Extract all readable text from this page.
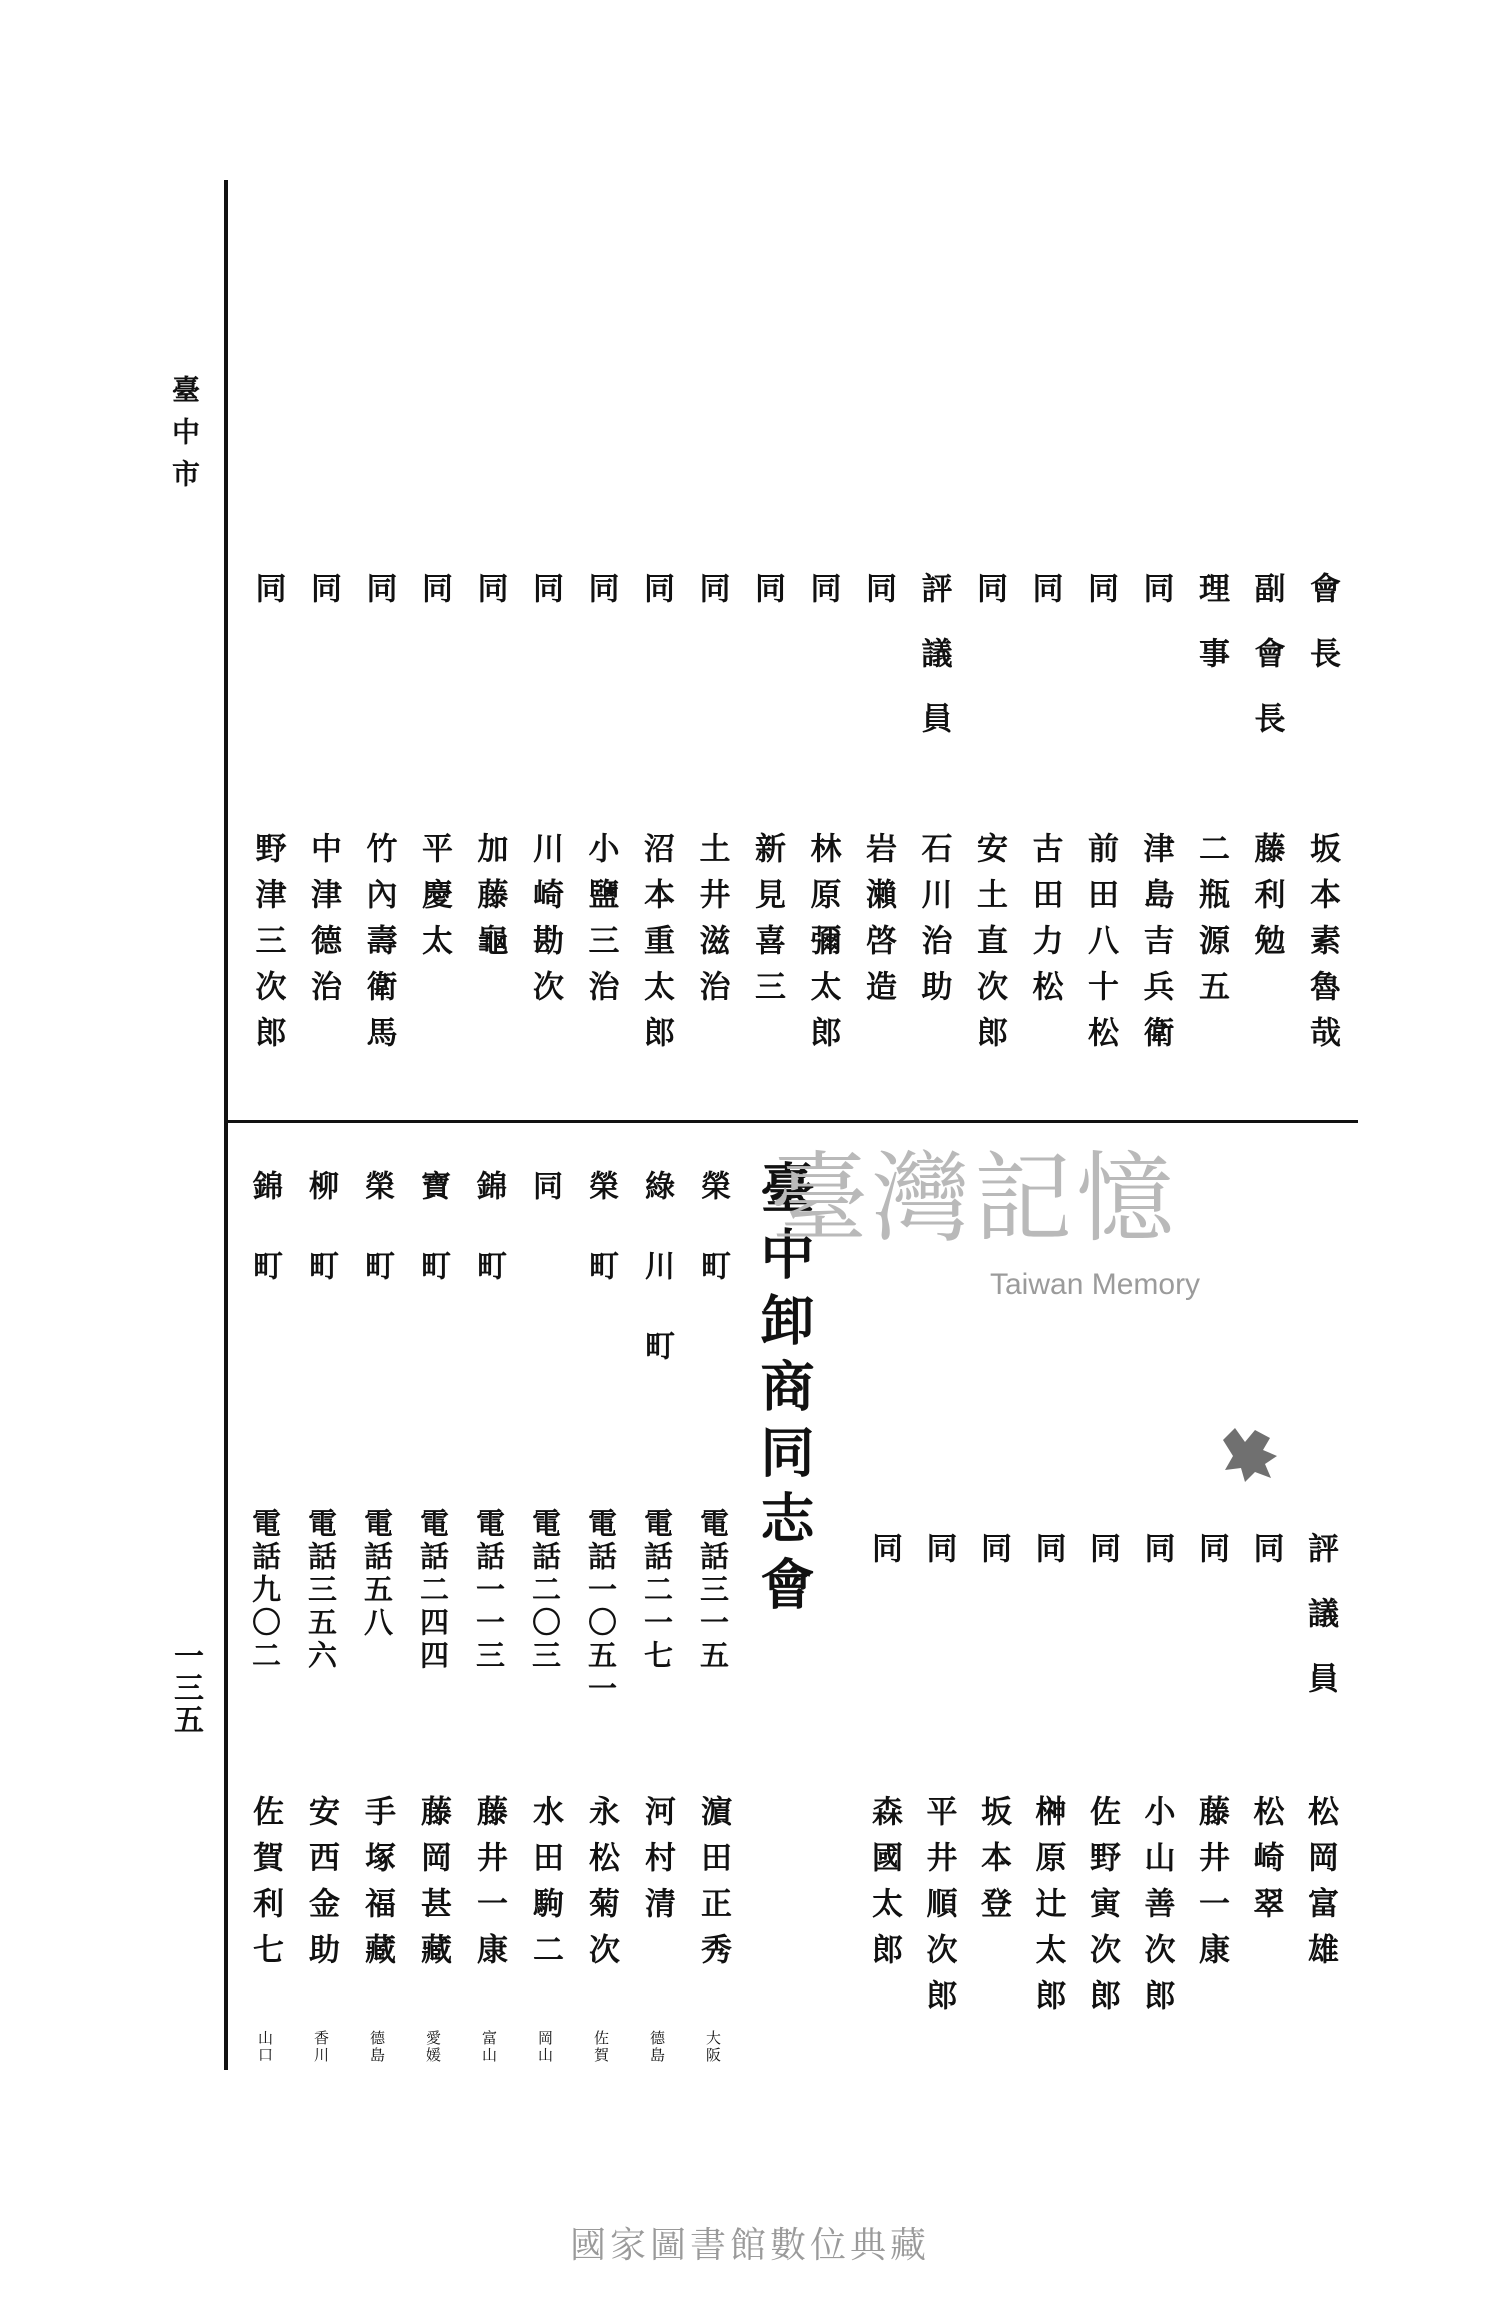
臺中市
一三五
臺中卸商同志會
臺灣記憶
Taiwan Memory
會長
坂本素魯哉
副會長
藤利勉
理事
二瓶源五
同
津島吉兵衛
同
前田八十松
同
古田力松
同
安土直次郎
評議員
石川治助
同
岩瀨啓造
同
林原彌太郎
同
新見喜三
同
土井滋治
同
沼本重太郎
同
小鹽三治
同
川崎勘次
同
加藤龜
同
平慶太
同
竹內壽衛馬
同
中津德治
同
野津三次郎
評議員
松岡富雄
同
松崎翠
同
藤井一康
同
小山善次郎
同
佐野寅次郎
同
榊原辻太郎
同
坂本登
同
平井順次郎
同
森國太郎
榮町
電話三一五
濵田正秀
大阪
綠川町
電話二一七
河村清
德島
榮町
電話一〇五一
永松菊次
佐賀
同
電話二〇三
水田駒二
岡山
錦町
電話一一三
藤井一康
富山
寶町
電話二四四
藤岡甚藏
愛媛
榮町
電話五八
手塚福藏
德島
柳町
電話三五六
安西金助
香川
錦町
電話九〇二
佐賀利七
山口
國家圖書館數位典藏
